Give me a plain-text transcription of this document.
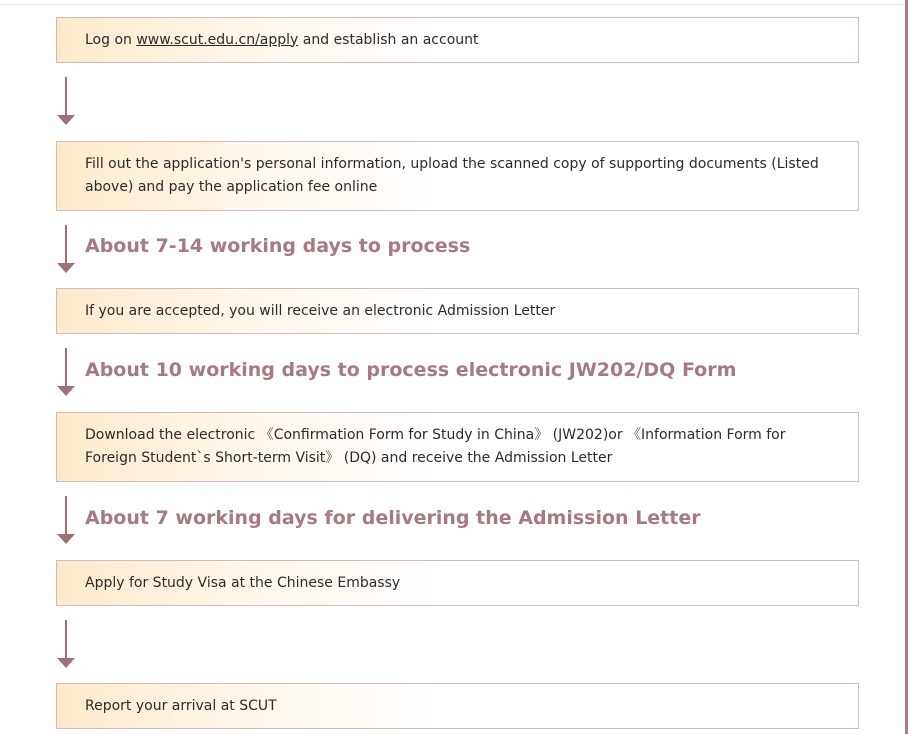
Log on www.scut.edu.cn/apply and establish an account
Fill out the application's personal information, upload the scanned copy of supporting documents (Listed above) and pay the application fee online
About 7-14 working days to process
If you are accepted, you will receive an electronic Admission Letter
About 10 working days to process electronic JW202/DQ Form
Download the electronic 《Confirmation Form for Study in China》 (JW202)or 《Information Form for Foreign Student`s Short-term Visit》 (DQ) and receive the Admission Letter
About 7 working days for delivering the Admission Letter
Apply for Study Visa at the Chinese Embassy
Report your arrival at SCUT
